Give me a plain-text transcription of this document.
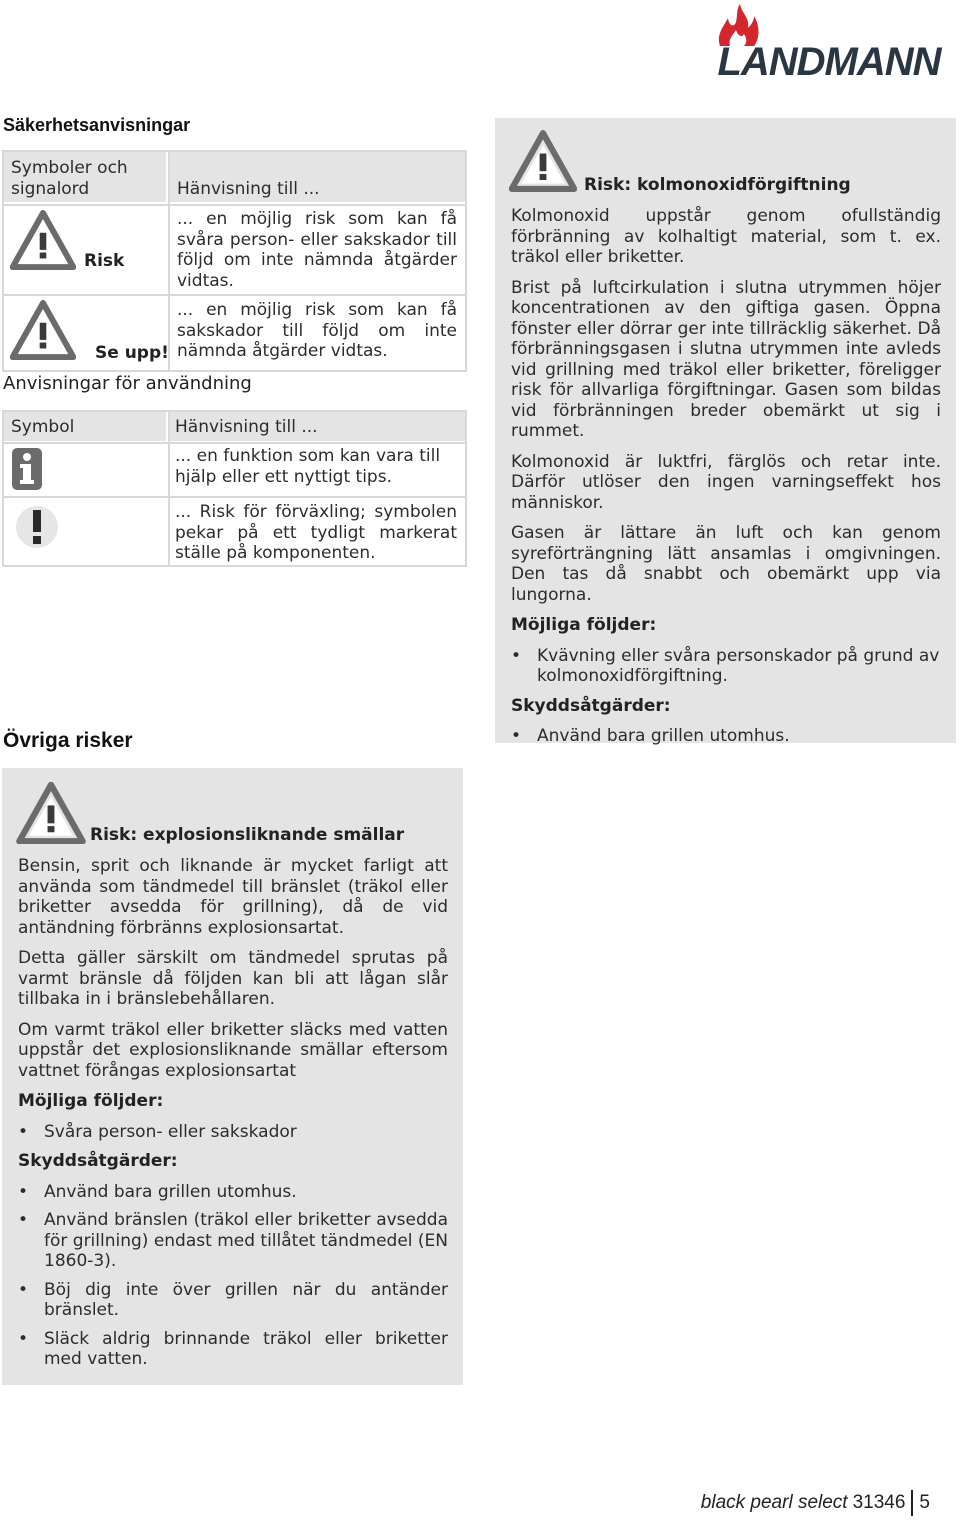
LANDMANN
Säkerhetsanvisningar
Symboler och signalord	Hänvisning till ...
Risk
... en möjlig risk som kan få svåra person- eller sakskador till följd om inte nämnda åtgärder vidtas.
Se upp!
... en möjlig risk som kan få sakskador till följd om inte nämnda åtgärder vidtas.
Anvisningar för användning
Symbol	Hänvisning till ...
... en funktion som kan vara till hjälp eller ett nyttigt tips.
... Risk för förväxling; symbolen pekar på ett tydligt markerat ställe på komponenten.
Övriga risker
Risk: kolmonoxidförgiftning

Kolmonoxid uppstår genom ofullständig förbränning av kolhaltigt material, som t. ex. träkol eller briketter.

Brist på luftcirkulation i slutna utrymmen höjer koncentrationen av den giftiga gasen. Öppna fönster eller dörrar ger inte tillräcklig säkerhet. Då förbränningsgasen i slutna utrymmen inte avleds vid grillning med träkol eller briketter, föreligger risk för allvarliga förgiftningar. Gasen som bildas vid förbränningen breder obemärkt ut sig i rummet.

Kolmonoxid är luktfri, färglös och retar inte. Därför utlöser den ingen varningseffekt hos människor.

Gasen är lättare än luft och kan genom syreförträngning lätt ansamlas i omgivningen. Den tas då snabbt och obemärkt upp via lungorna.

Möjliga följder:

• Kvävning eller svåra personskador på grund av kolmonoxidförgiftning.

Skyddsåtgärder:

• Använd bara grillen utomhus.

Risk: explosionsliknande smällar

Bensin, sprit och liknande är mycket farligt att använda som tändmedel till bränslet (träkol eller briketter avsedda för grillning), då de vid antändning förbränns explosionsartat.

Detta gäller särskilt om tändmedel sprutas på varmt bränsle då följden kan bli att lågan slår tillbaka in i bränslebehållaren.

Om varmt träkol eller briketter släcks med vatten uppstår det explosionsliknande smällar eftersom vattnet förångas explosionsartat

Möjliga följder:

• Svåra person- eller sakskador

Skyddsåtgärder:

• Använd bara grillen utomhus.

• Använd bränslen (träkol eller briketter avsedda för grillning) endast med tillåtet tändmedel (EN 1860-3).

• Böj dig inte över grillen när du antänder bränslet.

• Släck aldrig brinnande träkol eller briketter med vatten.

black pearl select 31346 5
